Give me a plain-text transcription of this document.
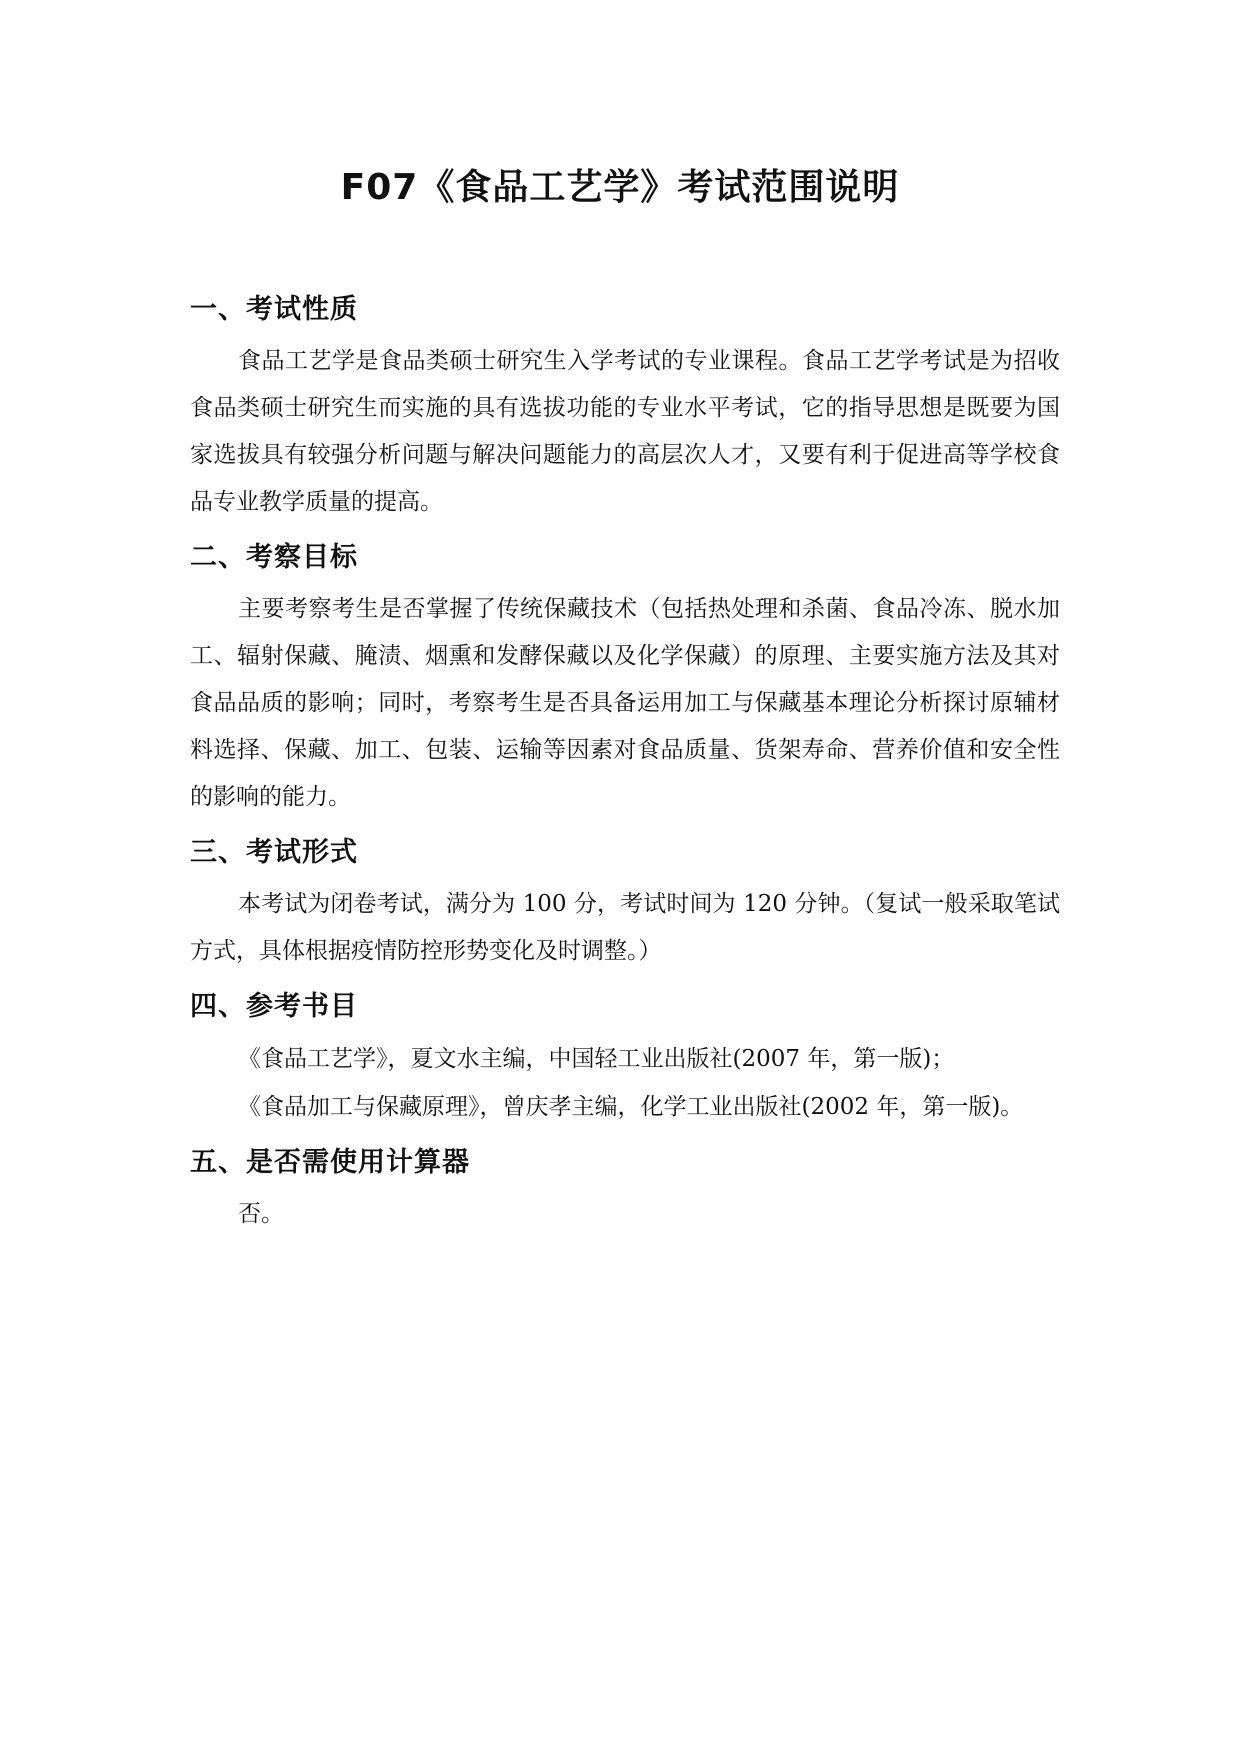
F07《食品工艺学》考试范围说明
一、考试性质

食品工艺学是食品类硕士研究生入学考试的专业课程。食品工艺学考试是为招收食品类硕士研究生而实施的具有选拔功能的专业水平考试，它的指导思想是既要为国家选拔具有较强分析问题与解决问题能力的高层次人才，又要有利于促进高等学校食品专业教学质量的提高。

二、考察目标

主要考察考生是否掌握了传统保藏技术（包括热处理和杀菌、食品冷冻、脱水加工、辐射保藏、腌渍、烟熏和发酵保藏以及化学保藏）的原理、主要实施方法及其对食品品质的影响；同时，考察考生是否具备运用加工与保藏基本理论分析探讨原辅材料选择、保藏、加工、包装、运输等因素对食品质量、货架寿命、营养价值和安全性的影响的能力。

三、考试形式

本考试为闭卷考试，满分为 100 分，考试时间为 120 分钟。（复试一般采取笔试方式，具体根据疫情防控形势变化及时调整。）

四、参考书目

《食品工艺学》，夏文水主编，中国轻工业出版社(2007 年，第一版)；

《食品加工与保藏原理》，曾庆孝主编，化学工业出版社(2002 年，第一版)。

五、是否需使用计算器

否。
